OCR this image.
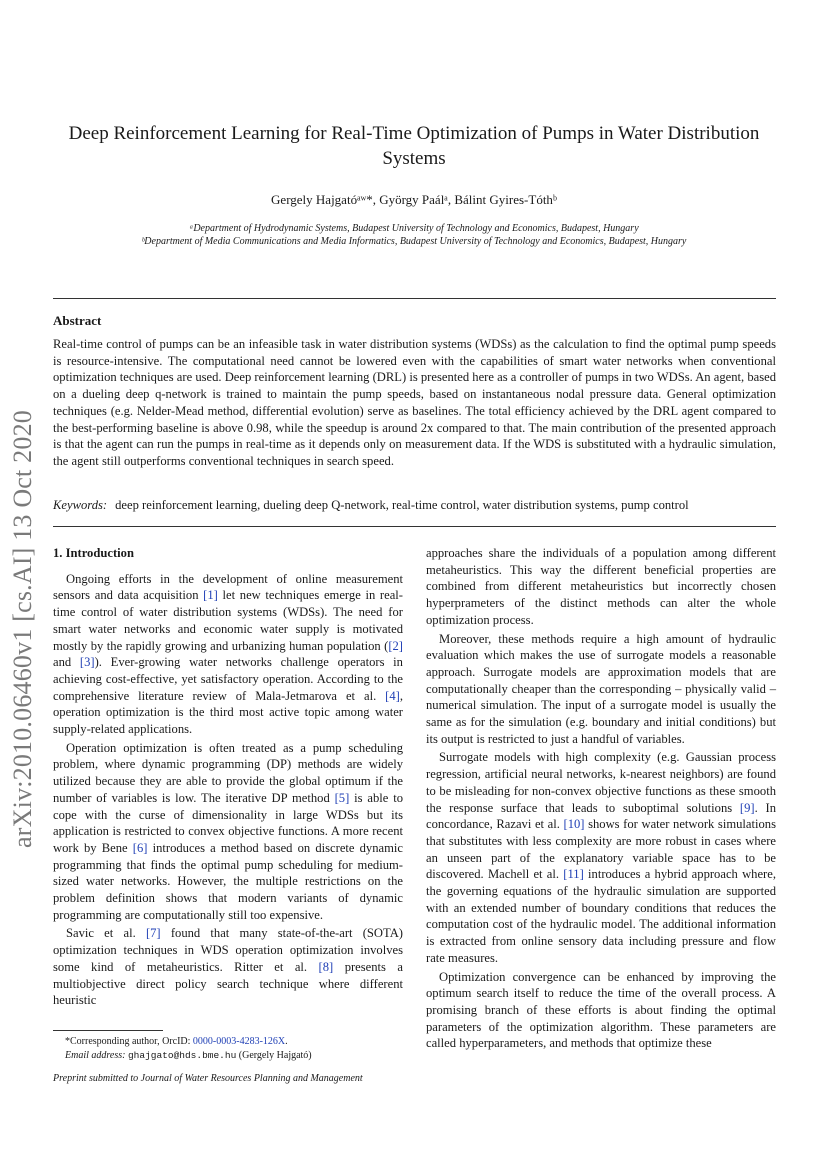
arXiv:2010.06460v1 [cs.AI] 13 Oct 2020
Deep Reinforcement Learning for Real-Time Optimization of Pumps in Water Distribution Systems
Gergely Hajgatóᵃʷ*, György Paálᵃ, Bálint Gyires-Tóthᵇ
ᵃDepartment of Hydrodynamic Systems, Budapest University of Technology and Economics, Budapest, Hungary
ᵇDepartment of Media Communications and Media Informatics, Budapest University of Technology and Economics, Budapest, Hungary
Abstract
Real-time control of pumps can be an infeasible task in water distribution systems (WDSs) as the calculation to find the optimal pump speeds is resource-intensive. The computational need cannot be lowered even with the capabilities of smart water networks when conventional optimization techniques are used. Deep reinforcement learning (DRL) is presented here as a controller of pumps in two WDSs. An agent, based on a dueling deep q-network is trained to maintain the pump speeds, based on instantaneous nodal pressure data. General optimization techniques (e.g. Nelder-Mead method, differential evolution) serve as baselines. The total efficiency achieved by the DRL agent compared to the best-performing baseline is above 0.98, while the speedup is around 2x compared to that. The main contribution of the presented approach is that the agent can run the pumps in real-time as it depends only on measurement data. If the WDS is substituted with a hydraulic simulation, the agent still outperforms conventional techniques in search speed.
Keywords: deep reinforcement learning, dueling deep Q-network, real-time control, water distribution systems, pump control
1. Introduction

Ongoing efforts in the development of online measurement sensors and data acquisition [1] let new techniques emerge in real-time control of water distribution systems (WDSs). The need for smart water networks and economic water supply is motivated mostly by the rapidly growing and urbanizing human population ([2] and [3]). Ever-growing water networks challenge operators in achieving cost-effective, yet satisfactory operation. According to the comprehensive literature review of Mala-Jetmarova et al. [4], operation optimization is the third most active topic among water supply-related applications.

Operation optimization is often treated as a pump scheduling problem, where dynamic programming (DP) methods are widely utilized because they are able to provide the global optimum if the number of variables is low. The iterative DP method [5] is able to cope with the curse of dimensionality in large WDSs but its application is restricted to convex objective functions. A more recent work by Bene [6] introduces a method based on discrete dynamic programming that finds the optimal pump scheduling for medium-sized water networks. However, the multiple restrictions on the problem definition shows that modern variants of dynamic programming are computationally still too expensive.

Savic et al. [7] found that many state-of-the-art (SOTA) optimization techniques in WDS operation optimization involves some kind of metaheuristics. Ritter et al. [8] presents a multiobjective direct policy search technique where different heuristic

approaches share the individuals of a population among different metaheuristics. This way the different beneficial properties are combined from different metaheuristics but incorrectly chosen hyperprameters of the distinct methods can alter the whole optimization process.

Moreover, these methods require a high amount of hydraulic evaluation which makes the use of surrogate models a reasonable approach. Surrogate models are approximation models that are computationally cheaper than the corresponding – physically valid – numerical simulation. The input of a surrogate model is usually the same as for the simulation (e.g. boundary and initial conditions) but its output is restricted to just a handful of variables.

Surrogate models with high complexity (e.g. Gaussian process regression, artificial neural networks, k-nearest neighbors) are found to be misleading for non-convex objective functions as these smooth the response surface that leads to suboptimal solutions [9]. In concordance, Razavi et al. [10] shows for water network simulations that substitutes with less complexity are more robust in cases where an unseen part of the explanatory variable space has to be discovered. Machell et al. [11] introduces a hybrid approach where, the governing equations of the hydraulic simulation are supported with an extended number of boundary conditions that reduces the computation cost of the hydraulic model. The additional information is extracted from online sensory data including pressure and flow rate measures.

Optimization convergence can be enhanced by improving the optimum search itself to reduce the time of the overall process. A promising branch of these efforts is about finding the optimal parameters of the optimization algorithm. These parameters are called hyperparameters, and methods that optimize these

*Corresponding author, OrcID: 0000-0003-4283-126X.
Email address: ghajgato@hds.bme.hu (Gergely Hajgató)
Preprint submitted to Journal of Water Resources Planning and Management
